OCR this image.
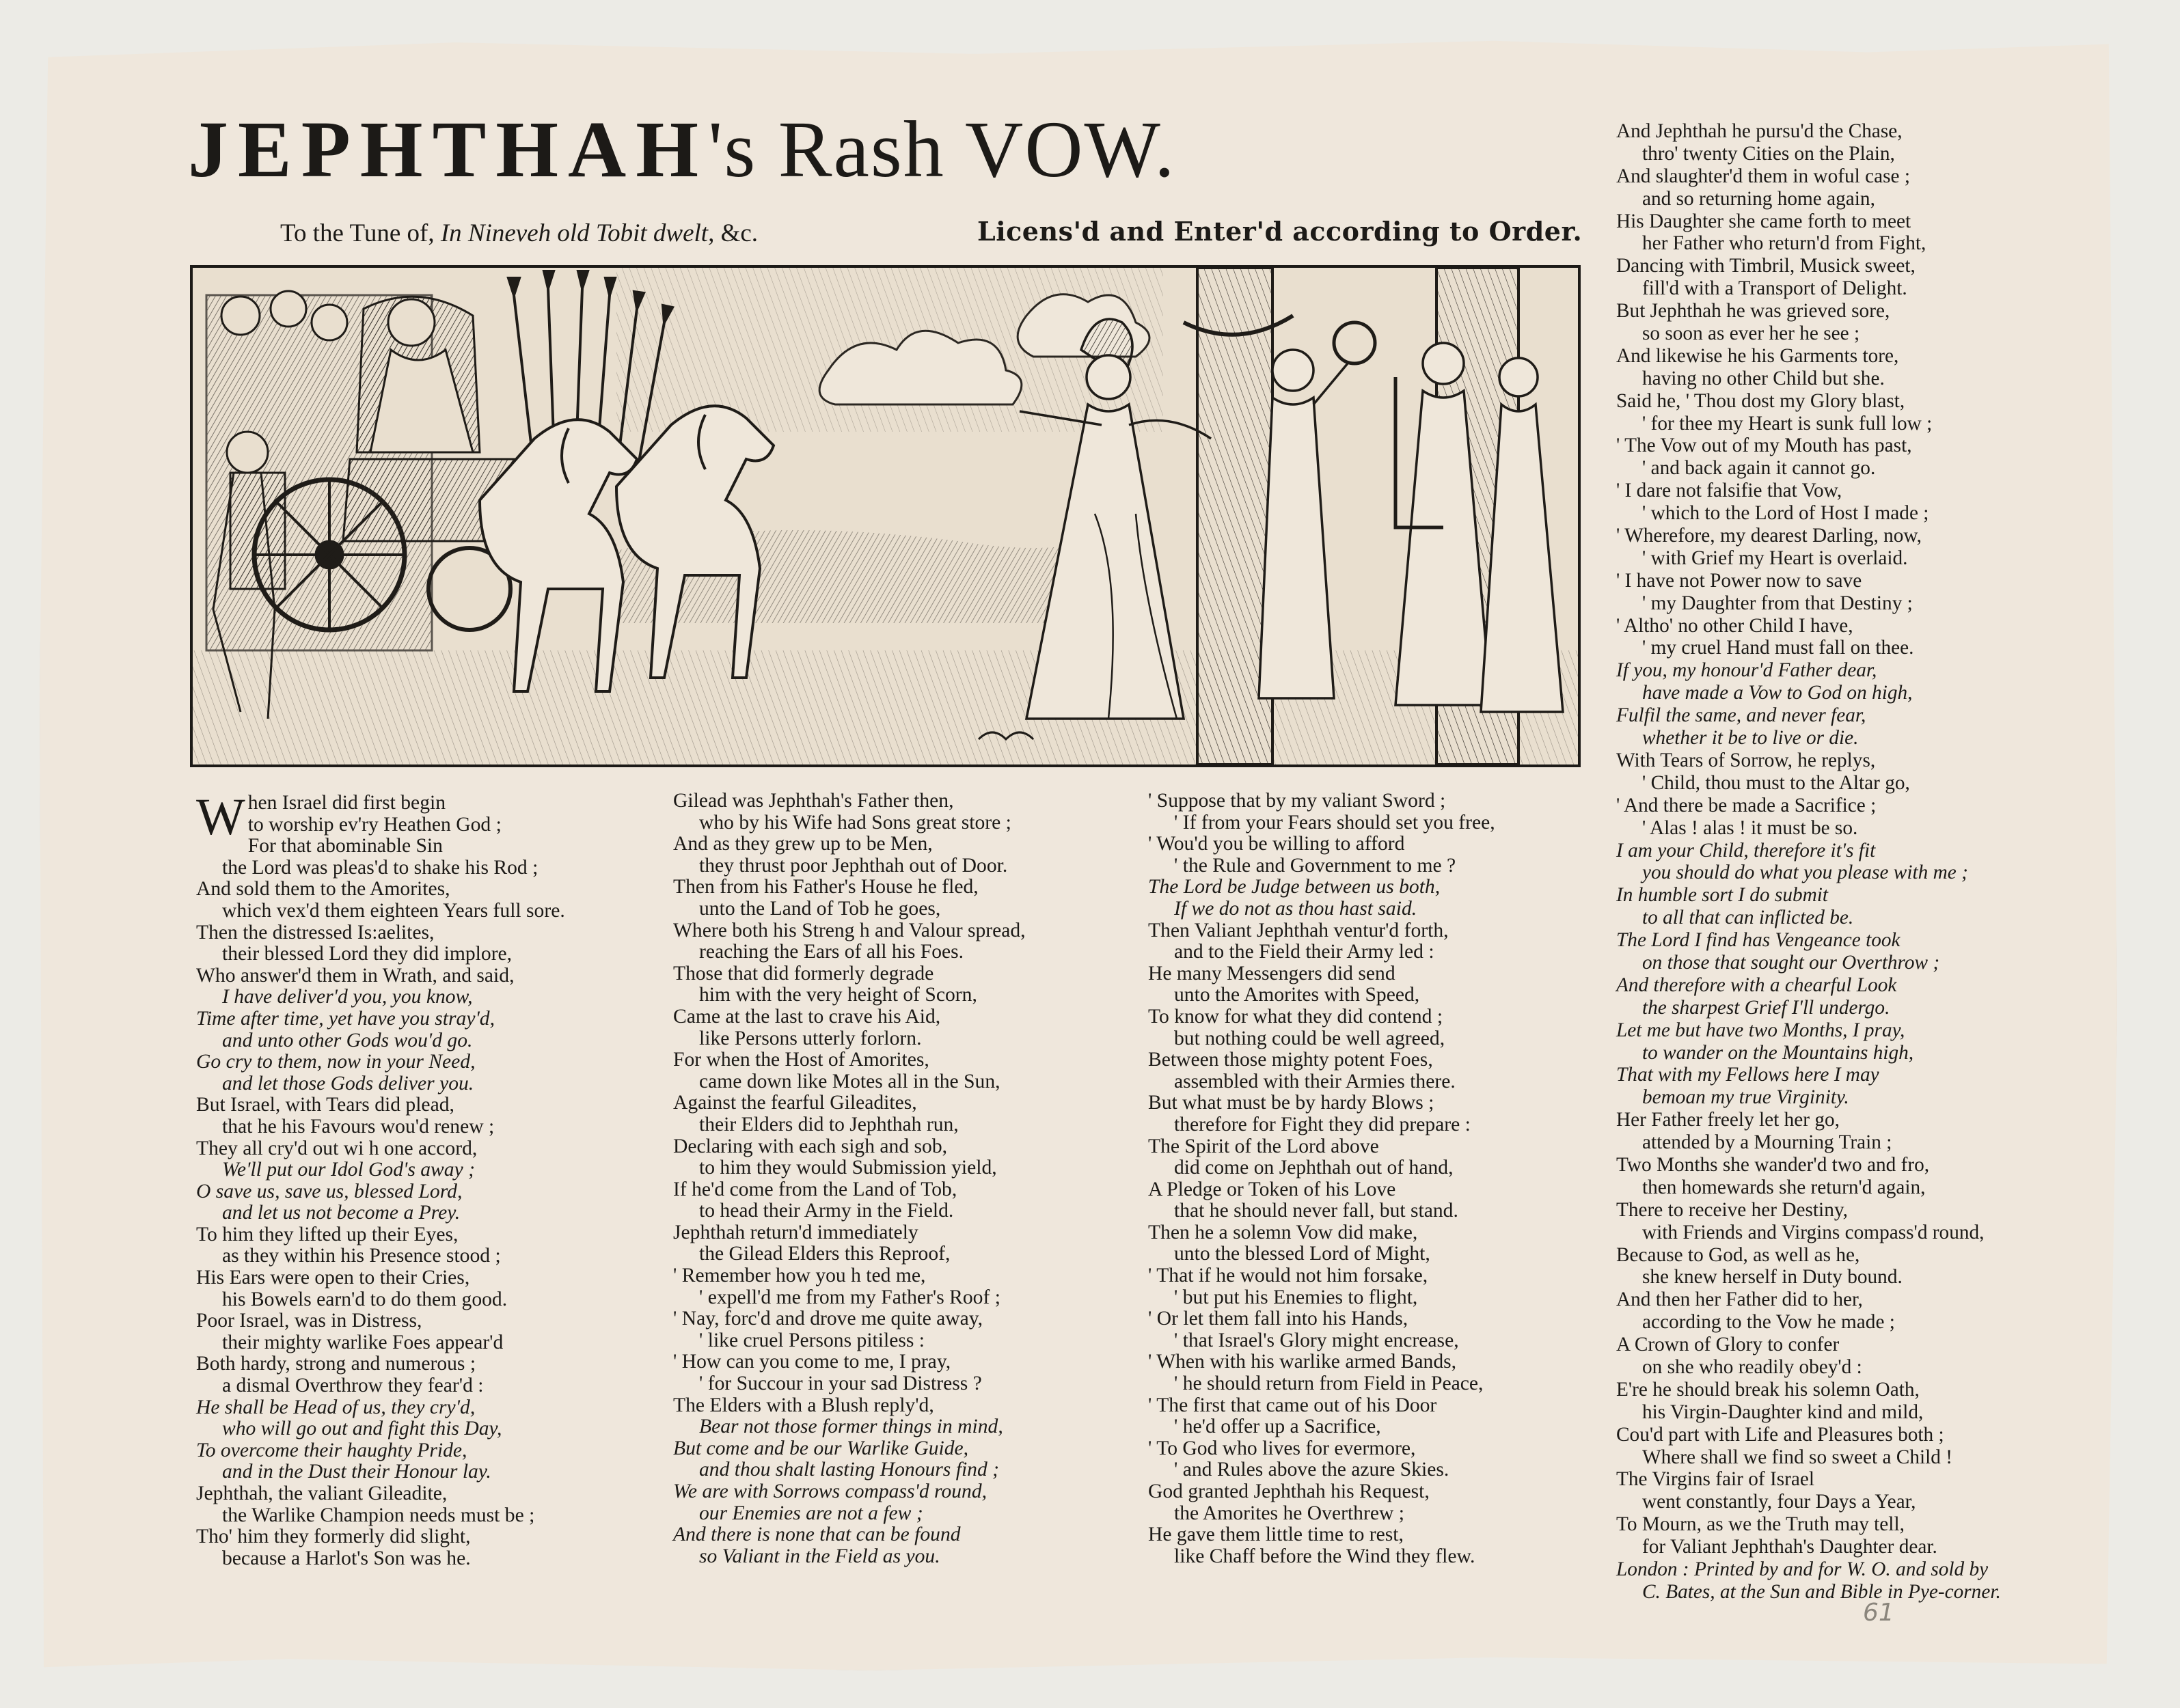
JEPHTHAH's Rash VOW.
To the Tune of, In Nineveh old Tobit dwelt, &c.	Licens'd and Enter'd according to Order.
When Israel did first begin
to worship ev'ry Heathen God ;
For that abominable Sin
the Lord was pleas'd to shake his Rod ;
And sold them to the Amorites,
which vex'd them eighteen Years full sore.
Then the distressed Is:aelites,
their blessed Lord they did implore,
Who answer'd them in Wrath, and said,
I have deliver'd you, you know,
Time after time, yet have you stray'd,
and unto other Gods wou'd go.
Go cry to them, now in your Need,
and let those Gods deliver you.
But Israel, with Tears did plead,
that he his Favours wou'd renew ;
They all cry'd out wi h one accord,
We'll put our Idol God's away ;
O save us, save us, blessed Lord,
and let us not become a Prey.
To him they lifted up their Eyes,
as they within his Presence stood ;
His Ears were open to their Cries,
his Bowels earn'd to do them good.
Poor Israel, was in Distress,
their mighty warlike Foes appear'd
Both hardy, strong and numerous ;
a dismal Overthrow they fear'd :
He shall be Head of us, they cry'd,
who will go out and fight this Day,
To overcome their haughty Pride,
and in the Dust their Honour lay.
Jephthah, the valiant Gileadite,
the Warlike Champion needs must be ;
Tho' him they formerly did slight,
because a Harlot's Son was he.
Gilead was Jephthah's Father then,
who by his Wife had Sons great store ;
And as they grew up to be Men,
they thrust poor Jephthah out of Door.
Then from his Father's House he fled,
unto the Land of Tob he goes,
Where both his Streng h and Valour spread,
reaching the Ears of all his Foes.
Those that did formerly degrade
him with the very height of Scorn,
Came at the last to crave his Aid,
like Persons utterly forlorn.
For when the Host of Amorites,
came down like Motes all in the Sun,
Against the fearful Gileadites,
their Elders did to Jephthah run,
Declaring with each sigh and sob,
to him they would Submission yield,
If he'd come from the Land of Tob,
to head their Army in the Field.
Jephthah return'd immediately
the Gilead Elders this Reproof,
' Remember how you h ted me,
' expell'd me from my Father's Roof ;
' Nay, forc'd and drove me quite away,
' like cruel Persons pitiless :
' How can you come to me, I pray,
' for Succour in your sad Distress ?
The Elders with a Blush reply'd,
Bear not those former things in mind,
But come and be our Warlike Guide,
and thou shalt lasting Honours find ;
We are with Sorrows compass'd round,
our Enemies are not a few ;
And there is none that can be found
so Valiant in the Field as you.
' Suppose that by my valiant Sword ;
' If from your Fears should set you free,
' Wou'd you be willing to afford
' the Rule and Government to me ?
The Lord be Judge between us both,
If we do not as thou hast said.
Then Valiant Jephthah ventur'd forth,
and to the Field their Army led :
He many Messengers did send
unto the Amorites with Speed,
To know for what they did contend ;
but nothing could be well agreed,
Between those mighty potent Foes,
assembled with their Armies there.
But what must be by hardy Blows ;
therefore for Fight they did prepare :
The Spirit of the Lord above
did come on Jephthah out of hand,
A Pledge or Token of his Love
that he should never fall, but stand.
Then he a solemn Vow did make,
unto the blessed Lord of Might,
' That if he would not him forsake,
' but put his Enemies to flight,
' Or let them fall into his Hands,
' that Israel's Glory might encrease,
' When with his warlike armed Bands,
' he should return from Field in Peace,
' The first that came out of his Door
' he'd offer up a Sacrifice,
' To God who lives for evermore,
' and Rules above the azure Skies.
God granted Jephthah his Request,
the Amorites he Overthrew ;
He gave them little time to rest,
like Chaff before the Wind they flew.
And Jephthah he pursu'd the Chase,
thro' twenty Cities on the Plain,
And slaughter'd them in woful case ;
and so returning home again,
His Daughter she came forth to meet
her Father who return'd from Fight,
Dancing with Timbril, Musick sweet,
fill'd with a Transport of Delight.
But Jephthah he was grieved sore,
so soon as ever her he see ;
And likewise he his Garments tore,
having no other Child but she.
Said he, ' Thou dost my Glory blast,
' for thee my Heart is sunk full low ;
' The Vow out of my Mouth has past,
' and back again it cannot go.
' I dare not falsifie that Vow,
' which to the Lord of Host I made ;
' Wherefore, my dearest Darling, now,
' with Grief my Heart is overlaid.
' I have not Power now to save
' my Daughter from that Destiny ;
' Altho' no other Child I have,
' my cruel Hand must fall on thee.
If you, my honour'd Father dear,
have made a Vow to God on high,
Fulfil the same, and never fear,
whether it be to live or die.
With Tears of Sorrow, he replys,
' Child, thou must to the Altar go,
' And there be made a Sacrifice ;
' Alas ! alas ! it must be so.
I am your Child, therefore it's fit
you should do what you please with me ;
In humble sort I do submit
to all that can inflicted be.
The Lord I find has Vengeance took
on those that sought our Overthrow ;
And therefore with a chearful Look
the sharpest Grief I'll undergo.
Let me but have two Months, I pray,
to wander on the Mountains high,
That with my Fellows here I may
bemoan my true Virginity.
Her Father freely let her go,
attended by a Mourning Train ;
Two Months she wander'd two and fro,
then homewards she return'd again,
There to receive her Destiny,
with Friends and Virgins compass'd round,
Because to God, as well as he,
she knew herself in Duty bound.
And then her Father did to her,
according to the Vow he made ;
A Crown of Glory to confer
on she who readily obey'd :
E're he should break his solemn Oath,
his Virgin-Daughter kind and mild,
Cou'd part with Life and Pleasures both ;
Where shall we find so sweet a Child !
The Virgins fair of Israel
went constantly, four Days a Year,
To Mourn, as we the Truth may tell,
for Valiant Jephthah's Daughter dear.
London : Printed by and for W. O. and sold by
C. Bates, at the Sun and Bible in Pye-corner.
61
